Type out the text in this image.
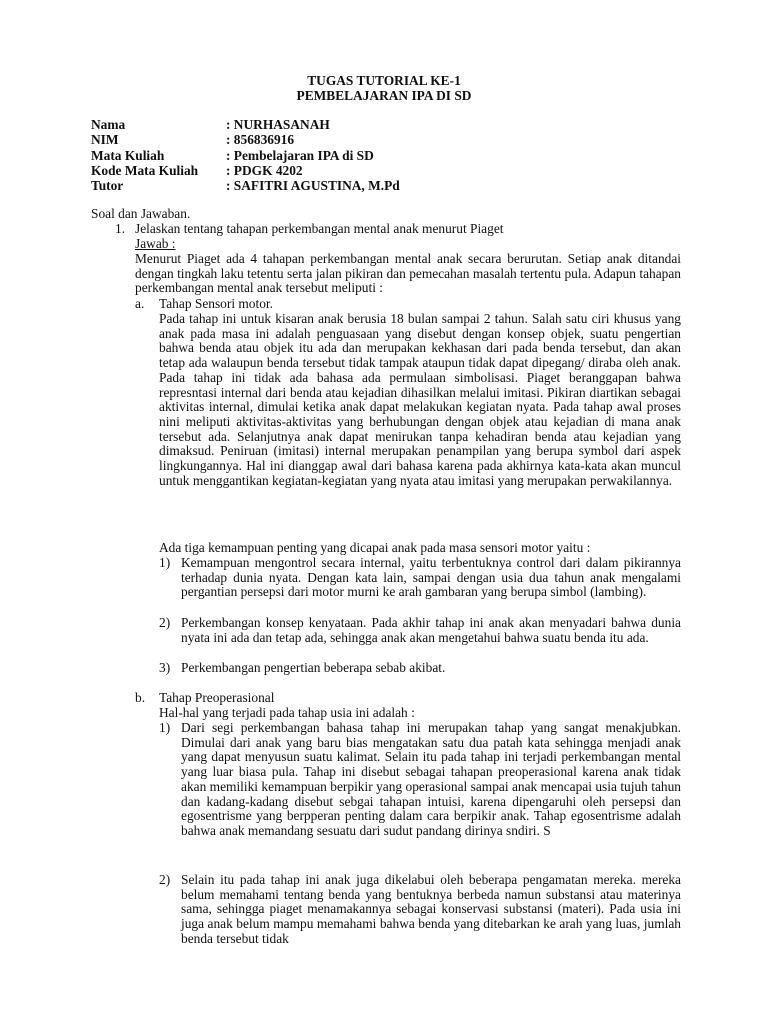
TUGAS TUTORIAL KE-1
PEMBELAJARAN IPA DI SD
Nama	: NURHASANAH
NIM	: 856836916
Mata Kuliah	: Pembelajaran IPA di SD
Kode Mata Kuliah : PDGK 4202
Tutor	: SAFITRI AGUSTINA, M.Pd
Soal dan Jawaban.
1. Jelaskan tentang tahapan perkembangan mental anak menurut Piaget
Jawab :
Menurut Piaget ada 4 tahapan perkembangan mental anak secara berurutan. Setiap anak ditandai dengan tingkah laku tetentu serta jalan pikiran dan pemecahan masalah tertentu pula. Adapun tahapan perkembangan mental anak tersebut meliputi :
a. Tahap Sensori motor.
Pada tahap ini untuk kisaran anak berusia 18 bulan sampai 2 tahun. Salah satu ciri khusus yang anak pada masa ini adalah penguasaan yang disebut dengan konsep objek, suatu pengertian bahwa benda atau objek itu ada dan merupakan kekhasan dari pada benda tersebut, dan akan tetap ada walaupun benda tersebut tidak tampak ataupun tidak dapat dipegang/ diraba oleh anak. Pada tahap ini tidak ada bahasa ada permulaan simbolisasi. Piaget beranggapan bahwa represntasi internal dari benda atau kejadian dihasilkan melalui imitasi. Pikiran diartikan sebagai aktivitas internal, dimulai ketika anak dapat melakukan kegiatan nyata. Pada tahap awal proses nini meliputi aktivitas-aktivitas yang berhubungan dengan objek atau kejadian di mana anak tersebut ada. Selanjutnya anak dapat menirukan tanpa kehadiran benda atau kejadian yang dimaksud. Peniruan (imitasi) internal merupakan penampilan yang berupa symbol dari aspek lingkungannya. Hal ini dianggap awal dari bahasa karena pada akhirnya kata-kata akan muncul untuk menggantikan kegiatan-kegiatan yang nyata atau imitasi yang merupakan perwakilannya.
Ada tiga kemampuan penting yang dicapai anak pada masa sensori motor yaitu :
1) Kemampuan mengontrol secara internal, yaitu terbentuknya control dari dalam pikirannya terhadap dunia nyata. Dengan kata lain, sampai dengan usia dua tahun anak mengalami pergantian persepsi dari motor murni ke arah gambaran yang berupa simbol (lambing).
2) Perkembangan konsep kenyataan. Pada akhir tahap ini anak akan menyadari bahwa dunia nyata ini ada dan tetap ada, sehingga anak akan mengetahui bahwa suatu benda itu ada.
3) Perkembangan pengertian beberapa sebab akibat.
b. Tahap Preoperasional
Hal-hal yang terjadi pada tahap usia ini adalah :
1) Dari segi perkembangan bahasa tahap ini merupakan tahap yang sangat menakjubkan. Dimulai dari anak yang baru bias mengatakan satu dua patah kata sehingga menjadi anak yang dapat menyusun suatu kalimat. Selain itu pada tahap ini terjadi perkembangan mental yang luar biasa pula. Tahap ini disebut sebagai tahapan preoperasional karena anak tidak akan memiliki kemampuan berpikir yang operasional sampai anak mencapai usia tujuh tahun dan kadang-kadang disebut sebgai tahapan intuisi, karena dipengaruhi oleh persepsi dan egosentrisme yang berpperan penting dalam cara berpikir anak. Tahap egosentrisme adalah bahwa anak memandang sesuatu dari sudut pandang dirinya sndiri. S
2) Selain itu pada tahap ini anak juga dikelabui oleh beberapa pengamatan mereka. mereka belum memahami tentang benda yang bentuknya berbeda namun substansi atau materinya sama, sehingga piaget menamakannya sebagai konservasi substansi (materi). Pada usia ini juga anak belum mampu memahami bahwa benda yang ditebarkan ke arah yang luas, jumlah benda tersebut tidak
